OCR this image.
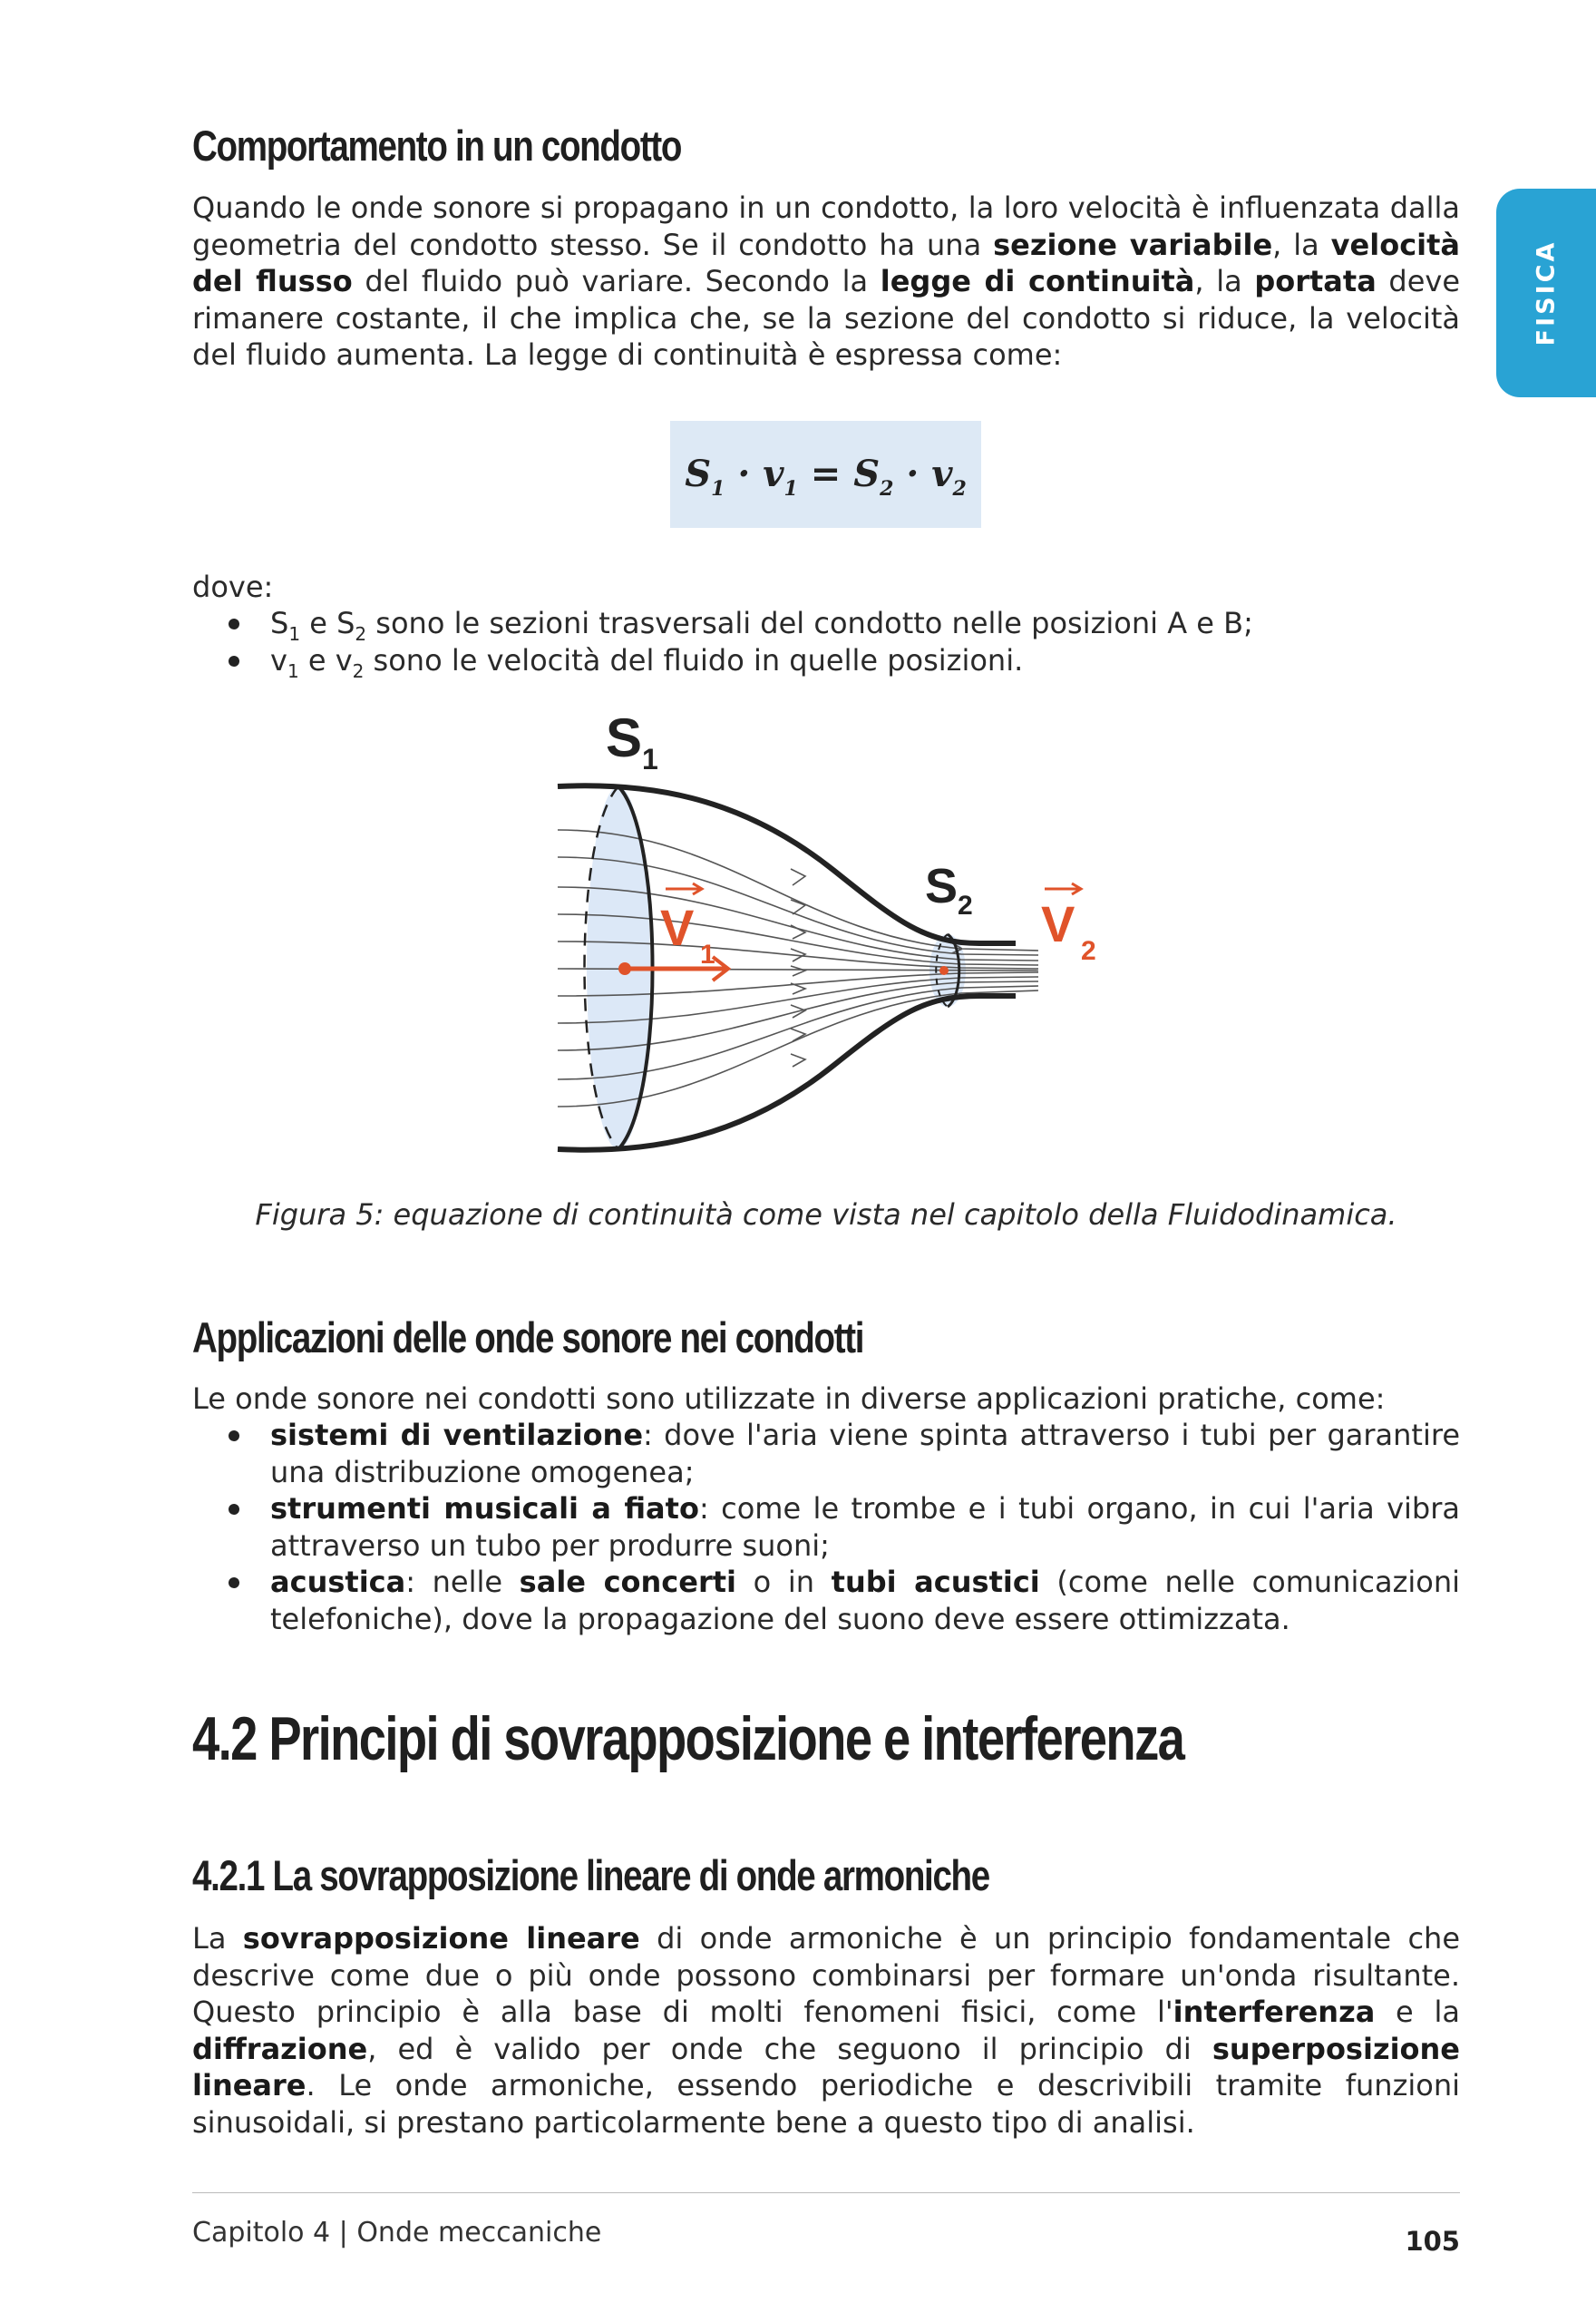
FISICA
Comportamento in un condotto

Quando le onde sonore si propagano in un condotto, la loro velocità è influenzata dalla geometria del condotto stesso. Se il condotto ha una sezione variabile, la velocità del flusso del fluido può variare. Secondo la legge di continuità, la portata deve rimanere costante, il che implica che, se la sezione del condotto si riduce, la velocità del fluido aumenta. La legge di continuità è espressa come:

dove:

$S_1$ e $S_2$ sono le sezioni trasversali del condotto nelle posizioni A e B;
$v_1$ e $v_2$ sono le velocità del fluido in quelle posizioni.

Figura 5: equazione di continuità come vista nel capitolo della Fluidodinamica.

Applicazioni delle onde sonore nei condotti

Le onde sonore nei condotti sono utilizzate in diverse applicazioni pratiche, come:

sistemi di ventilazione: dove l'aria viene spinta attraverso i tubi per garantire una distribuzione omogenea;
strumenti musicali a fiato: come le trombe e i tubi organo, in cui l'aria vibra attraverso un tubo per produrre suoni;
acustica: nelle sale concerti o in tubi acustici (come nelle comunicazioni telefoniche), dove la propagazione del suono deve essere ottimizzata.
4.2 Principi di sovrapposizione e interferenza
4.2.1 La sovrapposizione lineare di onde armoniche

La sovrapposizione lineare di onde armoniche è un principio fondamentale che descrive come due o più onde possono combinarsi per formare un'onda risultante. Questo principio è alla base di molti fenomeni fisici, come l'interferenza e la diffrazione, ed è valido per onde che seguono il principio di superposizione lineare. Le onde armoniche, essendo periodiche e descrivibili tramite funzioni sinusoidali, si prestano particolarmente bene a questo tipo di analisi.

$S_1 \cdot v_1 = S_2 \cdot v_2$
S 1
S 2
V 1
V 2
Capitolo 4 | Onde meccaniche	105
